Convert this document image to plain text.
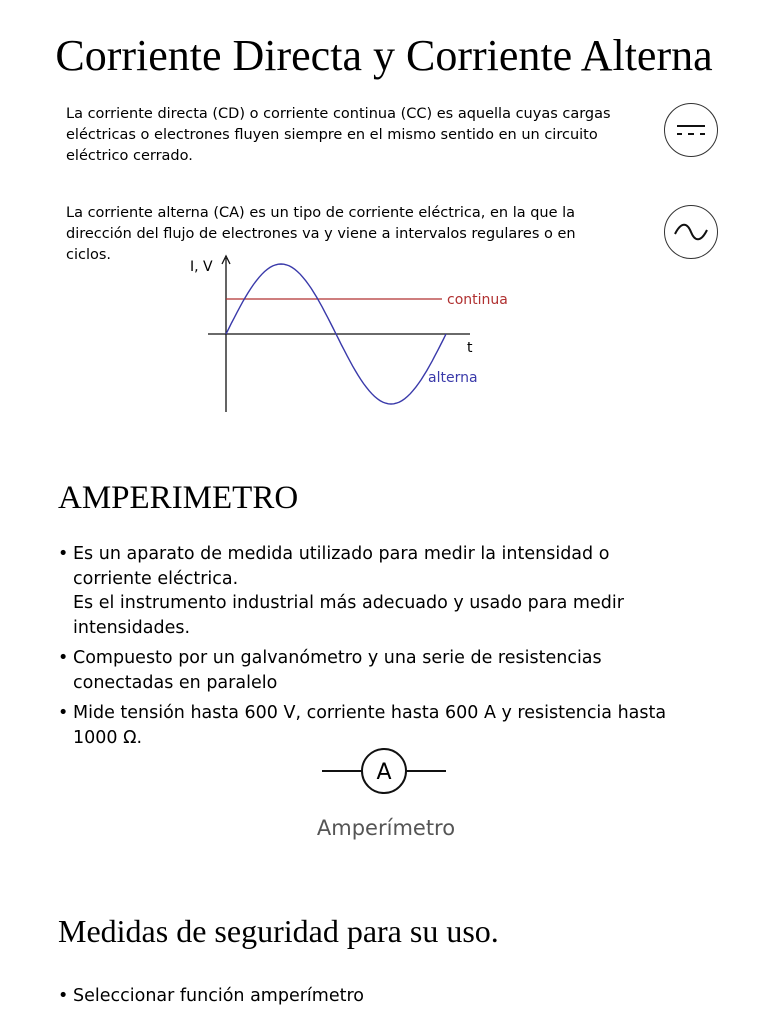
Corriente Directa y Corriente Alterna
La corriente directa (CD) o corriente continua (CC) es aquella cuyas cargas
eléctricas o electrones fluyen siempre en el mismo sentido en un circuito
eléctrico cerrado.
La corriente alterna (CA) es un tipo de corriente eléctrica, en la que la
dirección del flujo de electrones va y viene a intervalos regulares o en
ciclos.
I, V
t
continua
alterna
AMPERIMETRO
• Es un aparato de medida utilizado para medir la intensidad o
corriente eléctrica.
Es el instrumento industrial más adecuado y usado para medir
intensidades.
• Compuesto por un galvanómetro y una serie de resistencias
conectadas en paralelo
• Mide tensión hasta 600 V, corriente hasta 600 A y resistencia hasta
1000 Ω.
A
Amperímetro
Medidas de seguridad para su uso.
• Seleccionar función amperímetro
